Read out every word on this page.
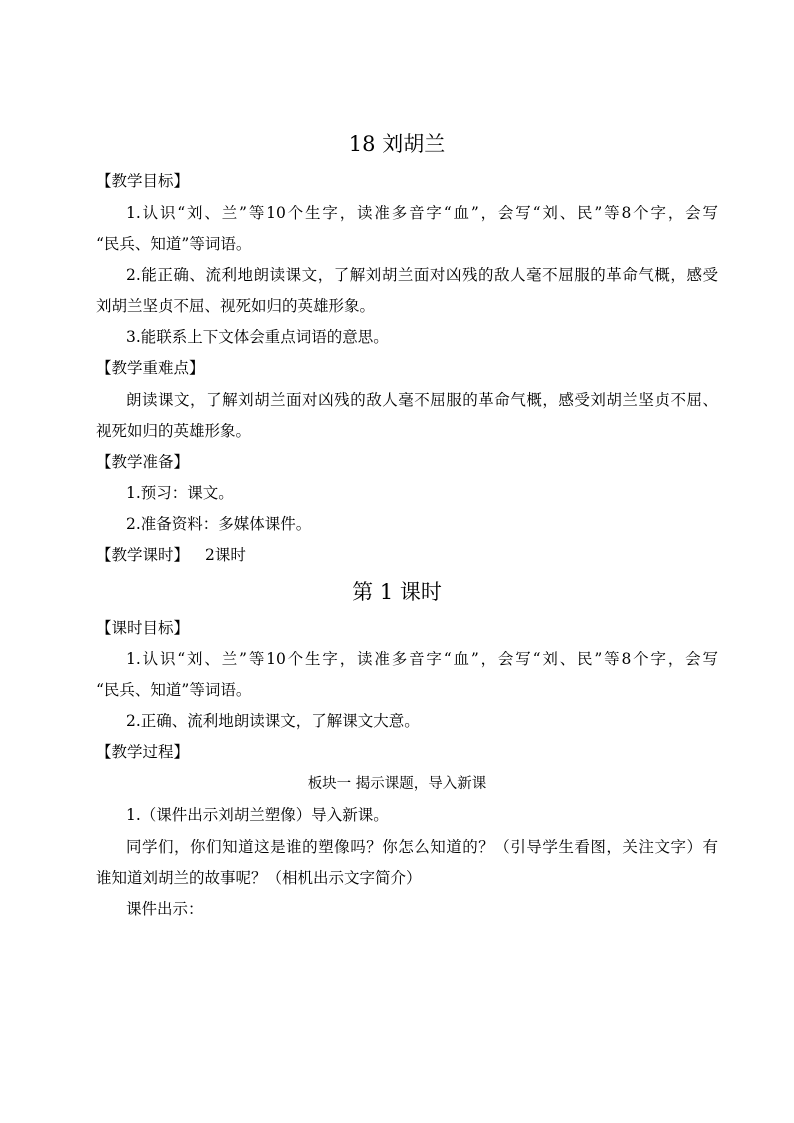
18 刘胡兰
【教学目标】
1.认识“刘、兰”等10个生字，读准多音字“血”，会写“刘、民”等8个字，会写
“民兵、知道”等词语。
2.能正确、流利地朗读课文，了解刘胡兰面对凶残的敌人毫不屈服的革命气概，感受
刘胡兰坚贞不屈、视死如归的英雄形象。
3.能联系上下文体会重点词语的意思。
【教学重难点】
朗读课文，了解刘胡兰面对凶残的敌人毫不屈服的革命气概，感受刘胡兰坚贞不屈、
视死如归的英雄形象。
【教学准备】
1.预习：课文。
2.准备资料：多媒体课件。
【教学课时】 2课时
第 1 课时
【课时目标】
1.认识“刘、兰”等10个生字，读准多音字“血”，会写“刘、民”等8个字，会写
“民兵、知道”等词语。
2.正确、流利地朗读课文，了解课文大意。
【教学过程】
板块一 揭示课题，导入新课
1.（课件出示刘胡兰塑像）导入新课。
同学们，你们知道这是谁的塑像吗？你怎么知道的？（引导学生看图，关注文字）有
谁知道刘胡兰的故事呢？（相机出示文字简介）
课件出示：
